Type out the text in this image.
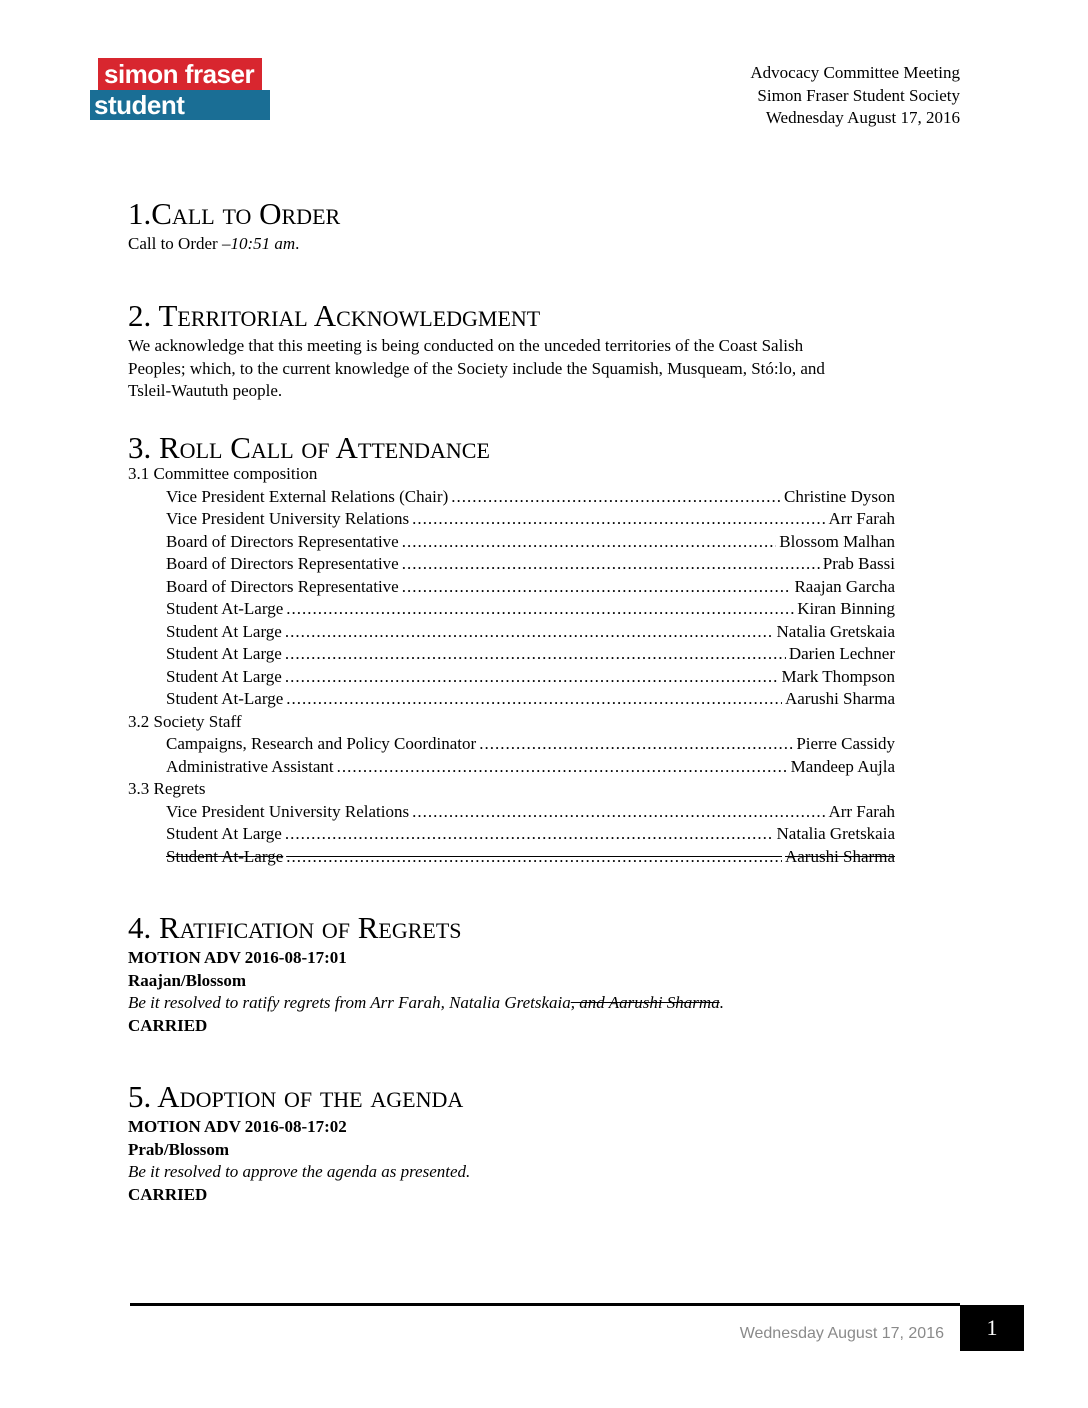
simon fraser
student society
Advocacy Committee Meeting
Simon Fraser Student Society
Wednesday August 17, 2016
1.Call to Order
Call to Order –10:51 am.
2. Territorial Acknowledgment
We acknowledge that this meeting is being conducted on the unceded territories of the Coast Salish
Peoples; which, to the current knowledge of the Society include the Squamish, Musqueam, Stó:lo, and
Tsleil-Waututh people.
3. Roll Call of Attendance
3.1 Committee composition
Vice President External Relations (Chair) .....	Christine Dyson
Vice President University Relations .....	Arr Farah
Board of Directors Representative .....	Blossom Malhan
Board of Directors Representative .....	Prab Bassi
Board of Directors Representative .....	Raajan Garcha
Student At-Large .....	Kiran Binning
Student At Large .....	Natalia Gretskaia
Student At Large .....	Darien Lechner
Student At Large .....	Mark Thompson
Student At-Large .....	Aarushi Sharma
3.2 Society Staff
Campaigns, Research and Policy Coordinator .....	Pierre Cassidy
Administrative Assistant .....	Mandeep Aujla
3.3 Regrets
Vice President University Relations .....	Arr Farah
Student At Large .....	Natalia Gretskaia
Student At-Large .....	Aarushi Sharma
4. Ratification of Regrets
MOTION ADV 2016-08-17:01
Raajan/Blossom
Be it resolved to ratify regrets from Arr Farah, Natalia Gretskaia, and Aarushi Sharma.
CARRIED
5. Adoption of the agenda
MOTION ADV 2016-08-17:02
Prab/Blossom
Be it resolved to approve the agenda as presented.
CARRIED
Wednesday August 17, 2016	1
